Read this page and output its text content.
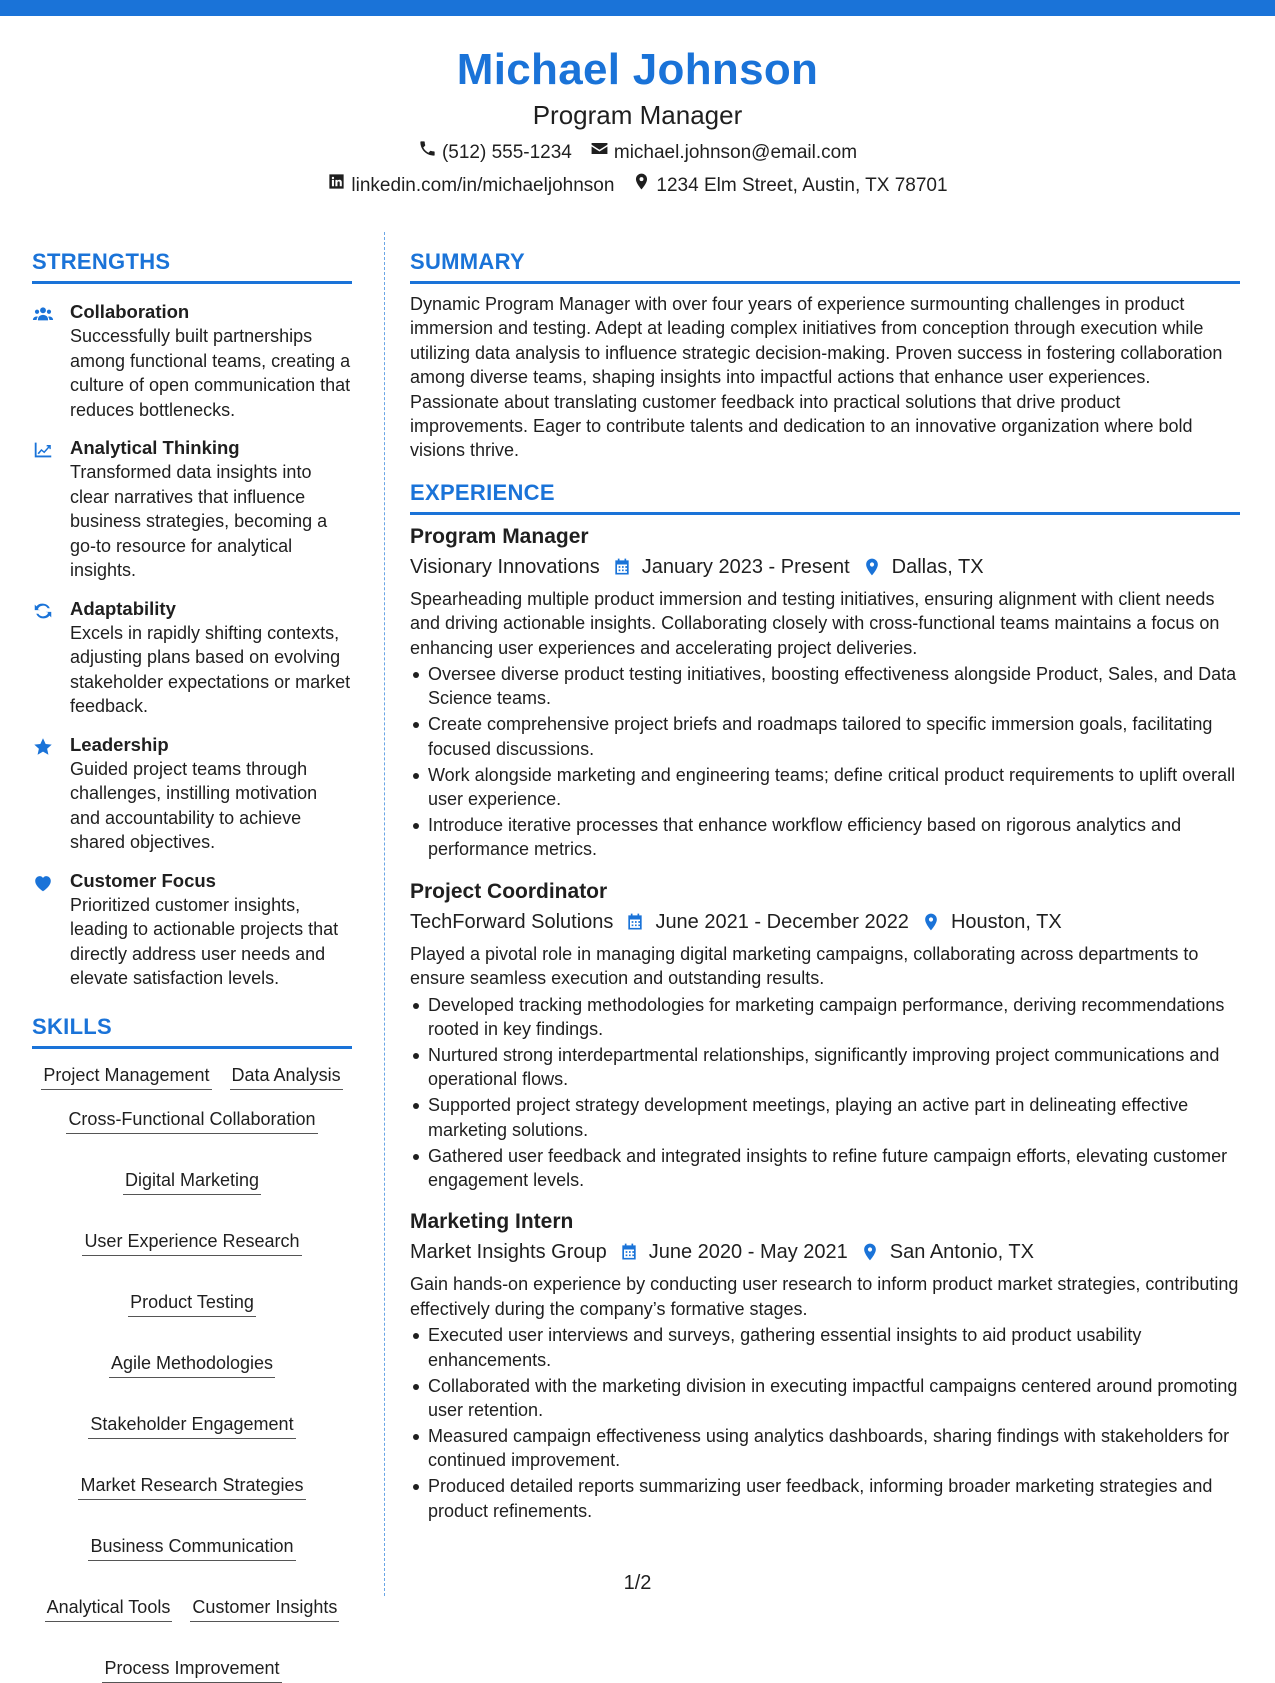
Michael Johnson
Program Manager
(512) 555-1234 michael.johnson@email.com
linkedin.com/in/michaeljohnson 1234 Elm Street, Austin, TX 78701
STRENGTHS
Collaboration
Successfully built partnerships among functional teams, creating a culture of open communication that reduces bottlenecks.
Analytical Thinking
Transformed data insights into clear narratives that influence business strategies, becoming a go-to resource for analytical insights.
Adaptability
Excels in rapidly shifting contexts, adjusting plans based on evolving stakeholder expectations or market feedback.
Leadership
Guided project teams through challenges, instilling motivation and accountability to achieve shared objectives.
Customer Focus
Prioritized customer insights, leading to actionable projects that directly address user needs and elevate satisfaction levels.
SKILLS
Project Management Data Analysis
Cross-Functional Collaboration
Digital Marketing
User Experience Research
Product Testing
Agile Methodologies
Stakeholder Engagement
Market Research Strategies
Business Communication
Analytical Tools Customer Insights
Process Improvement
SUMMARY

Dynamic Program Manager with over four years of experience surmounting challenges in product immersion and testing. Adept at leading complex initiatives from conception through execution while utilizing data analysis to influence strategic decision-making. Proven success in fostering collaboration among diverse teams, shaping insights into impactful actions that enhance user experiences. Passionate about translating customer feedback into practical solutions that drive product improvements. Eager to contribute talents and dedication to an innovative organization where bold visions thrive.

EXPERIENCE
Program Manager
Visionary Innovations January 2023 - Present Dallas, TX

Spearheading multiple product immersion and testing initiatives, ensuring alignment with client needs and driving actionable insights. Collaborating closely with cross-functional teams maintains a focus on enhancing user experiences and accelerating project deliveries.

Oversee diverse product testing initiatives, boosting effectiveness alongside Product, Sales, and Data Science teams.
Create comprehensive project briefs and roadmaps tailored to specific immersion goals, facilitating focused discussions.
Work alongside marketing and engineering teams; define critical product requirements to uplift overall user experience.
Introduce iterative processes that enhance workflow efficiency based on rigorous analytics and performance metrics.
Project Coordinator
TechForward Solutions June 2021 - December 2022 Houston, TX

Played a pivotal role in managing digital marketing campaigns, collaborating across departments to ensure seamless execution and outstanding results.

Developed tracking methodologies for marketing campaign performance, deriving recommendations rooted in key findings.
Nurtured strong interdepartmental relationships, significantly improving project communications and operational flows.
Supported project strategy development meetings, playing an active part in delineating effective marketing solutions.
Gathered user feedback and integrated insights to refine future campaign efforts, elevating customer engagement levels.
Marketing Intern
Market Insights Group June 2020 - May 2021 San Antonio, TX

Gain hands-on experience by conducting user research to inform product market strategies, contributing effectively during the company’s formative stages.

Executed user interviews and surveys, gathering essential insights to aid product usability enhancements.
Collaborated with the marketing division in executing impactful campaigns centered around promoting user retention.
Measured campaign effectiveness using analytics dashboards, sharing findings with stakeholders for continued improvement.
Produced detailed reports summarizing user feedback, informing broader marketing strategies and product refinements.
1/2
